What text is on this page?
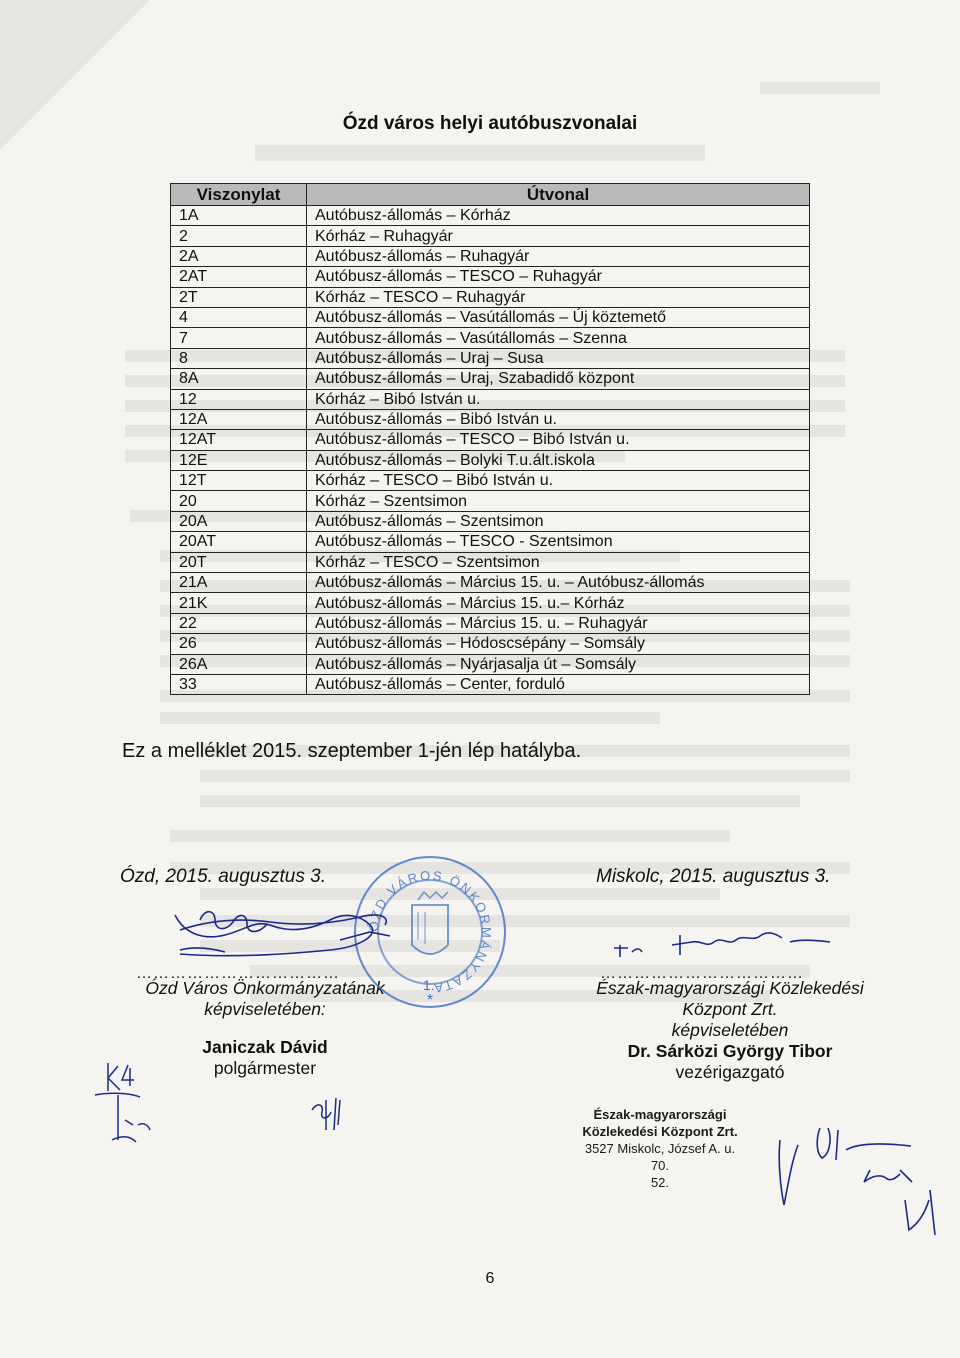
Ózd város helyi autóbuszvonalai
Viszonylat	Útvonal
1A	Autóbusz-állomás – Kórház
2	Kórház – Ruhagyár
2A	Autóbusz-állomás – Ruhagyár
2AT	Autóbusz-állomás – TESCO – Ruhagyár
2T	Kórház – TESCO – Ruhagyár
4	Autóbusz-állomás – Vasútállomás – Új köztemető
7	Autóbusz-állomás – Vasútállomás – Szenna
8	Autóbusz-állomás – Uraj – Susa
8A	Autóbusz-állomás – Uraj, Szabadidő központ
12	Kórház – Bibó István u.
12A	Autóbusz-állomás – Bibó István u.
12AT	Autóbusz-állomás – TESCO – Bibó István u.
12E	Autóbusz-állomás – Bolyki T.u.ált.iskola
12T	Kórház – TESCO – Bibó István u.
20	Kórház – Szentsimon
20A	Autóbusz-állomás – Szentsimon
20AT	Autóbusz-állomás – TESCO - Szentsimon
20T	Kórház – TESCO – Szentsimon
21A	Autóbusz-állomás – Március 15. u. – Autóbusz-állomás
21K	Autóbusz-állomás – Március 15. u.– Kórház
22	Autóbusz-állomás – Március 15. u. – Ruhagyár
26	Autóbusz-állomás – Hódoscsépány – Somsály
26A	Autóbusz-állomás – Nyárjasalja út – Somsály
33	Autóbusz-állomás – Center, forduló
Ez a melléklet 2015. szeptember 1-jén lép hatályba.
Ózd, 2015. augusztus 3.
………………………………
Ózd Város Önkormányzatának
képviseletében:
Janiczak Dávid
polgármester
Miskolc, 2015. augusztus 3.
………………………………
Észak-magyarországi Közlekedési
Központ Zrt.
képviseletében
Dr. Sárközi György Tibor
vezérigazgató
Észak-magyarországi
Közlekedési Központ Zrt.
3527 Miskolc, József A. u. 70.
52.
6
1.
*
ÓZD VÁROS ÖNKORMÁNYZATA
